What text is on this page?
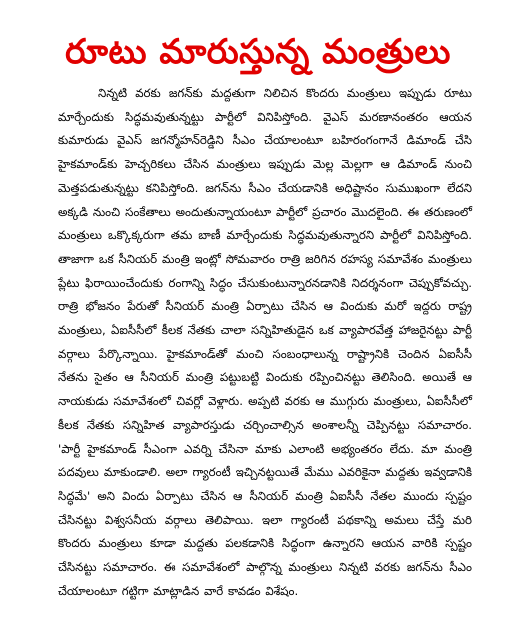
రూటు మారుస్తున్న మంత్రులు

నిన్నటి వరకు జగన్‌కు మద్దతుగా నిలిచిన కొందరు మంత్రులు ఇప్పుడు రూటు మార్చేందుకు సిద్ధమవుతున్నట్టు పార్టీలో వినిపిస్తోంది. వైఎస్ మరణానంతరం ఆయన కుమారుడు వైఎస్ జగన్మోహన్‌రెడ్డిని సీఎం చేయాలంటూ బహిరంగంగానే డిమాండ్ చేసి హైకమాండ్‌కు హెచ్చరికలు చేసిన మంత్రులు ఇప్పుడు మెల్ల మెల్లగా ఆ డిమాండ్ నుంచి మెత్తపడుతున్నట్టు కనిపిస్తోంది. జగన్‌ను సీఎం చేయడానికి అధిష్టానం సుముఖంగా లేదని అక్కడి నుంచి సంకేతాలు అందుతున్నాయంటూ పార్టీలో ప్రచారం మొదలైంది. ఈ తరుణంలో మంత్రులు ఒక్కొక్కరుగా తమ బాణీ మార్చేందుకు సిద్ధమవుతున్నారని పార్టీలో వినిపిస్తోంది. తాజాగా ఒక సీనియర్ మంత్రి ఇంట్లో సోమవారం రాత్రి జరిగిన రహస్య సమావేశం మంత్రులు ప్లేటు ఫిరాయించేందుకు రంగాన్ని సిద్ధం చేసుకుంటున్నారనడానికి నిదర్శనంగా చెప్పుకోవచ్చు. రాత్రి భోజనం పేరుతో సీనియర్ మంత్రి ఏర్పాటు చేసిన ఆ విందుకు మరో ఇద్దరు రాష్ట్ర మంత్రులు, ఏఐసీసీలో కీలక నేతకు చాలా సన్నిహితుడైన ఒక వ్యాపారవేత్త హాజరైనట్టు పార్టీ వర్గాలు పేర్కొన్నాయి. హైకమాండ్‌తో మంచి సంబంధాలున్న రాష్ట్రానికి చెందిన ఏఐసీసీ నేతను సైతం ఆ సీనియర్ మంత్రి పట్టుబట్టి విందుకు రప్పించినట్టు తెలిసింది. అయితే ఆ నాయకుడు సమావేశంలో చివర్లో వెళ్లారు. అప్పటి వరకు ఆ ముగ్గురు మంత్రులు, ఏఐసీసీలో కీలక నేతకు సన్నిహిత వ్యాపారస్తుడు చర్చించాల్సిన అంశాలన్నీ చెప్పినట్టు సమాచారం. 'పార్టీ హైకమాండ్ సీఎంగా ఎవర్ని చేసినా మాకు ఎలాంటి అభ్యంతరం లేదు. మా మంత్రి పదవులు మాకుండాలి. అలా గ్యారంటీ ఇచ్చినట్టయితే మేము ఎవరికైనా మద్దతు ఇవ్వడానికి సిద్ధమే' అని విందు ఏర్పాటు చేసిన ఆ సీనియర్ మంత్రి ఏఐసీసీ నేతల ముందు స్పష్టం చేసినట్టు విశ్వసనీయ వర్గాలు తెలిపాయి. ఇలా గ్యారంటీ పథకాన్ని అమలు చేస్తే మరి కొందరు మంత్రులు కూడా మద్దతు పలకడానికి సిద్ధంగా ఉన్నారని ఆయన వారికి స్పష్టం చేసినట్టు సమాచారం. ఈ సమావేశంలో పాల్గొన్న మంత్రులు నిన్నటి వరకు జగన్‌ను సీఎం చేయాలంటూ గట్టిగా మాట్లాడిన వారే కావడం విశేషం.
